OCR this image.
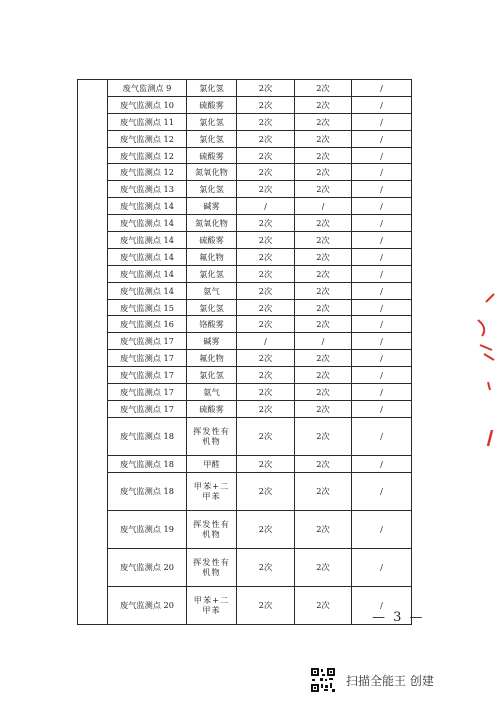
	废气监测点 9	氯化氢	2次	2次	/
	废气监测点 10	硫酸雾	2次	2次	/
	废气监测点 11	氯化氢	2次	2次	/
	废气监测点 12	氯化氢	2次	2次	/
	废气监测点 12	硫酸雾	2次	2次	/
	废气监测点 12	氮氧化物	2次	2次	/
	废气监测点 13	氯化氢	2次	2次	/
	废气监测点 14	碱雾	/	/	/
	废气监测点 14	氮氧化物	2次	2次	/
	废气监测点 14	硫酸雾	2次	2次	/
	废气监测点 14	氟化物	2次	2次	/
	废气监测点 14	氯化氢	2次	2次	/
	废气监测点 14	氨气	2次	2次	/
	废气监测点 15	氯化氢	2次	2次	/
	废气监测点 16	铬酸雾	2次	2次	/
	废气监测点 17	碱雾	/	/	/
	废气监测点 17	氟化物	2次	2次	/
	废气监测点 17	氯化氢	2次	2次	/
	废气监测点 17	氨气	2次	2次	/
	废气监测点 17	硫酸雾	2次	2次	/
	废气监测点 18	挥发性有机物	2次	2次	/
	废气监测点 18	甲醛	2次	2次	/
	废气监测点 18	甲苯+二甲苯	2次	2次	/
	废气监测点 19	挥发性有机物	2次	2次	/
	废气监测点 20	挥发性有机物	2次	2次	/
	废气监测点 20	甲苯+二甲苯	2次	2次	/
— 3 —
扫描全能王 创建
